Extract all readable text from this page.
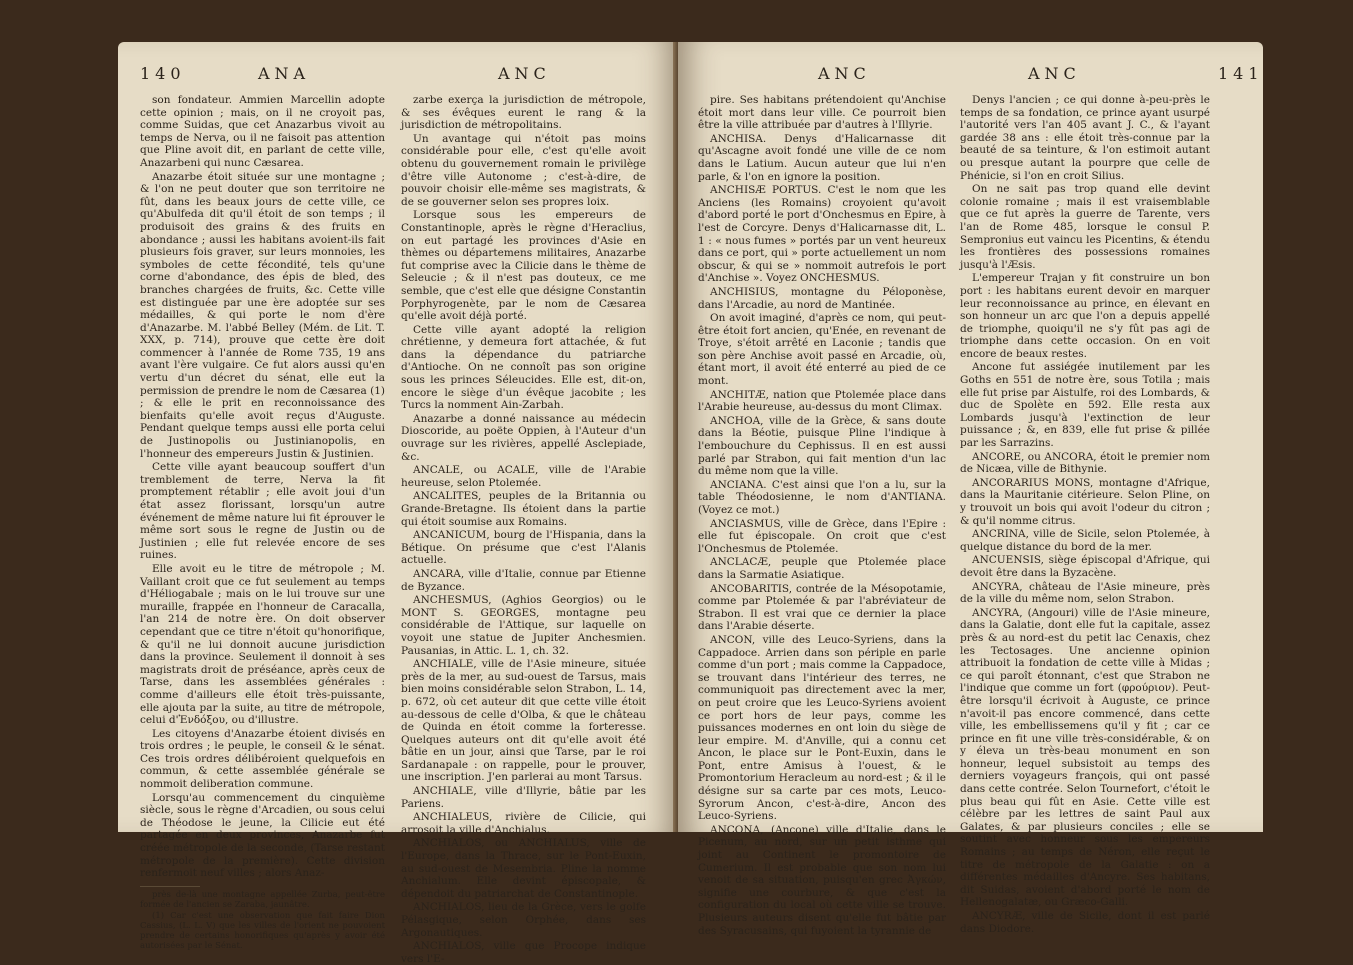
140	ANA	ANC

son fondateur. Ammien Marcellin adopte cette opinion ; mais, on il ne croyoit pas, comme Suidas, que cet Anazarbus vivoit au temps de Nerva, ou il ne faisoit pas attention que Pline avoit dit, en parlant de cette ville, Anazarbeni qui nunc Cæsarea.

Anazarbe étoit située sur une montagne ; & l'on ne peut douter que son territoire ne fût, dans les beaux jours de cette ville, ce qu'Abulfeda dit qu'il étoit de son temps ; il produisoit des grains & des fruits en abondance ; aussi les habitans avoient-ils fait plusieurs fois graver, sur leurs monnoies, les symboles de cette fécondité, tels qu'une corne d'abondance, des épis de bled, des branches chargées de fruits, &c. Cette ville est distinguée par une ère adoptée sur ses médailles, & qui porte le nom d'ère d'Anazarbe. M. l'abbé Belley (Mém. de Lit. T. XXX, p. 714), prouve que cette ère doit commencer à l'année de Rome 735, 19 ans avant l'ère vulgaire. Ce fut alors aussi qu'en vertu d'un décret du sénat, elle eut la permission de prendre le nom de Cæsarea (1) ; & elle le prit en reconnoissance des bienfaits qu'elle avoit reçus d'Auguste. Pendant quelque temps aussi elle porta celui de Justinopolis ou Justinianopolis, en l'honneur des empereurs Justin & Justinien.

Cette ville ayant beaucoup souffert d'un tremblement de terre, Nerva la fit promptement rétablir ; elle avoit joui d'un état assez florissant, lorsqu'un autre événement de même nature lui fit éprouver le même sort sous le regne de Justin ou de Justinien ; elle fut relevée encore de ses ruines.

Elle avoit eu le titre de métropole ; M. Vaillant croit que ce fut seulement au temps d'Héliogabale ; mais on le lui trouve sur une muraille, frappée en l'honneur de Caracalla, l'an 214 de notre ère. On doit observer cependant que ce titre n'étoit qu'honorifique, & qu'il ne lui donnoit aucune jurisdiction dans la province. Seulement il donnoit à ses magistrats droit de préséance, après ceux de Tarse, dans les assemblées générales : comme d'ailleurs elle étoit très-puissante, elle ajouta par la suite, au titre de métropole, celui d'Ἐνδόξου, ou d'illustre.

Les citoyens d'Anazarbe étoient divisés en trois ordres ; le peuple, le conseil & le sénat. Ces trois ordres délibéroient quelquefois en commun, & cette assemblée générale se nommoit deliberation commune.

Lorsqu'au commencement du cinquième siècle, sous le règne d'Arcadien, ou sous celui de Théodose le jeune, la Cilicie eut été partagée en deux provinces, Anazarbe fut créée métropole de la seconde, (Tarse restant métropole de la première). Cette division renfermoit neuf villes ; alors Anaz-

près de-là une montagne appellée Zurba, peut-être formée de l'ancien se Zaraba, jaunâtre.

(1) Car c'est une observation que fait faire Dion Cassius, (L. L. V) que les villes de l'orient ne pouvoient prendre de certains honorifiques qu'après y avoir été autorisées par le Sénat.

zarbe exerça la jurisdiction de métropole, & ses évêques eurent le rang & la jurisdiction de métropolitains.

Un avantage qui n'étoit pas moins considérable pour elle, c'est qu'elle avoit obtenu du gouvernement romain le privilège d'être ville Autonome ; c'est-à-dire, de pouvoir choisir elle-même ses magistrats, & de se gouverner selon ses propres loix.

Lorsque sous les empereurs de Constantinople, après le règne d'Heraclius, on eut partagé les provinces d'Asie en thèmes ou départemens militaires, Anazarbe fut comprise avec la Cilicie dans le thème de Seleucie ; & il n'est pas douteux, ce me semble, que c'est elle que désigne Constantin Porphyrogenète, par le nom de Cæsarea qu'elle avoit déjà porté.

Cette ville ayant adopté la religion chrétienne, y demeura fort attachée, & fut dans la dépendance du patriarche d'Antioche. On ne connoît pas son origine sous les princes Séleucides. Elle est, dit-on, encore le siège d'un évêque jacobite ; les Turcs la nomment Ain-Zarbah.

Anazarbe a donné naissance au médecin Dioscoride, au poëte Oppien, à l'Auteur d'un ouvrage sur les rivières, appellé Asclepiade, &c.

ANCALE, ou ACALE, ville de l'Arabie heureuse, selon Ptolemée.

ANCALITES, peuples de la Britannia ou Grande-Bretagne. Ils étoient dans la partie qui étoit soumise aux Romains.

ANCANICUM, bourg de l'Hispania, dans la Bétique. On présume que c'est l'Alanis actuelle.

ANCARA, ville d'Italie, connue par Etienne de Byzance.

ANCHESMUS, (Aghios Georgios) ou le MONT S. GEORGES, montagne peu considérable de l'Attique, sur laquelle on voyoit une statue de Jupiter Anchesmien. Pausanias, in Attic. L. 1, ch. 32.

ANCHIALE, ville de l'Asie mineure, située près de la mer, au sud-ouest de Tarsus, mais bien moins considérable selon Strabon, L. 14, p. 672, où cet auteur dit que cette ville étoit au-dessous de celle d'Olba, & que le château de Quinda en étoit comme la forteresse. Quelques auteurs ont dit qu'elle avoit été bâtie en un jour, ainsi que Tarse, par le roi Sardanapale : on rappelle, pour le prouver, une inscription. J'en parlerai au mont Tarsus.

ANCHIALE, ville d'Illyrie, bâtie par les Pariens.

ANCHIALEUS, rivière de Cilicie, qui arrosoit la ville d'Anchialus.

ANCHIALOS, ou ANCHIALUS, ville de l'Europe, dans la Thrace, sur le Pont-Euxin, au sud-ouest de Mesembria. Pline la nomme Anchialum. Elle devint épiscopale, & dépendoit du patriarchat de Constantinople.

ANCHIALOS, lieu de la Grèce, vers le golfe Pélasgique, selon Orphée, dans ses Argonautiques.

ANCHIALOS, ville que Procope indique vers l'E-

ANC	ANC	141

pire. Ses habitans prétendoient qu'Anchise étoit mort dans leur ville. Ce pourroit bien être la ville attribuée par d'autres à l'Illyrie.

ANCHISA. Denys d'Halicarnasse dit qu'Ascagne avoit fondé une ville de ce nom dans le Latium. Aucun auteur que lui n'en parle, & l'on en ignore la position.

ANCHISÆ PORTUS. C'est le nom que les Anciens (les Romains) croyoient qu'avoit d'abord porté le port d'Onchesmus en Epire, à l'est de Corcyre. Denys d'Halicarnasse dit, L. 1 : « nous fumes » portés par un vent heureux dans ce port, qui » porte actuellement un nom obscur, & qui se » nommoit autrefois le port d'Anchise ». Voyez ONCHESMUS.

ANCHISIUS, montagne du Péloponèse, dans l'Arcadie, au nord de Mantinée.

On avoit imaginé, d'après ce nom, qui peut-être étoit fort ancien, qu'Enée, en revenant de Troye, s'étoit arrêté en Laconie ; tandis que son père Anchise avoit passé en Arcadie, où, étant mort, il avoit été enterré au pied de ce mont.

ANCHITÆ, nation que Ptolemée place dans l'Arabie heureuse, au-dessus du mont Climax.

ANCHOA, ville de la Grèce, & sans doute dans la Béotie, puisque Pline l'indique à l'embouchure du Cephissus. Il en est aussi parlé par Strabon, qui fait mention d'un lac du même nom que la ville.

ANCIANA. C'est ainsi que l'on a lu, sur la table Théodosienne, le nom d'ANTIANA. (Voyez ce mot.)

ANCIASMUS, ville de Grèce, dans l'Epire : elle fut épiscopale. On croit que c'est l'Onchesmus de Ptolemée.

ANCLACÆ, peuple que Ptolemée place dans la Sarmatie Asiatique.

ANCOBARITIS, contrée de la Mésopotamie, comme par Ptolemée & par l'abréviateur de Strabon. Il est vrai que ce dernier la place dans l'Arabie déserte.

ANCON, ville des Leuco-Syriens, dans la Cappadoce. Arrien dans son périple en parle comme d'un port ; mais comme la Cappadoce, se trouvant dans l'intérieur des terres, ne communiquoit pas directement avec la mer, on peut croire que les Leuco-Syriens avoient ce port hors de leur pays, comme les puissances modernes en ont loin du siège de leur empire. M. d'Anville, qui a connu cet Ancon, le place sur le Pont-Euxin, dans le Pont, entre Amisus à l'ouest, & le Promontorium Heracleum au nord-est ; & il le désigne sur sa carte par ces mots, Leuco-Syrorum Ancon, c'est-à-dire, Ancon des Leuco-Syriens.

ANCONA, (Ancone) ville d'Italie, dans le Picenum, au nord, sur un petit isthme qui joint au Continent le promontoire de Cumerium. Il est probable que son nom lui venoit de sa situation, puisqu'en grec Ἀγκών, signifie une courbure, & que c'est la configuration du local où cette ville se trouve. Plusieurs auteurs disent qu'elle fut bâtie par des Syracusains, qui fuyoient la tyrannie de

Denys l'ancien ; ce qui donne à-peu-près le temps de sa fondation, ce prince ayant usurpé l'autorité vers l'an 405 avant J. C., & l'ayant gardée 38 ans : elle étoit très-connue par la beauté de sa teinture, & l'on estimoit autant ou presque autant la pourpre que celle de Phénicie, si l'on en croit Silius.

On ne sait pas trop quand elle devint colonie romaine ; mais il est vraisemblable que ce fut après la guerre de Tarente, vers l'an de Rome 485, lorsque le consul P. Sempronius eut vaincu les Picentins, & étendu les frontières des possessions romaines jusqu'à l'Æsis.

L'empereur Trajan y fit construire un bon port : les habitans eurent devoir en marquer leur reconnoissance au prince, en élevant en son honneur un arc que l'on a depuis appellé de triomphe, quoiqu'il ne s'y fût pas agi de triomphe dans cette occasion. On en voit encore de beaux restes.

Ancone fut assiégée inutilement par les Goths en 551 de notre ère, sous Totila ; mais elle fut prise par Aistulfe, roi des Lombards, & duc de Spolète en 592. Elle resta aux Lombards jusqu'à l'extinction de leur puissance ; &, en 839, elle fut prise & pillée par les Sarrazins.

ANCORE, ou ANCORA, étoit le premier nom de Nicæa, ville de Bithynie.

ANCORARIUS MONS, montagne d'Afrique, dans la Mauritanie citérieure. Selon Pline, on y trouvoit un bois qui avoit l'odeur du citron ; & qu'il nomme citrus.

ANCRINA, ville de Sicile, selon Ptolemée, à quelque distance du bord de la mer.

ANCUENSIS, siège épiscopal d'Afrique, qui devoit être dans la Byzacène.

ANCYRA, château de l'Asie mineure, près de la ville du même nom, selon Strabon.

ANCYRA, (Angouri) ville de l'Asie mineure, dans la Galatie, dont elle fut la capitale, assez près & au nord-est du petit lac Cenaxis, chez les Tectosages. Une ancienne opinion attribuoit la fondation de cette ville à Midas ; ce qui paroît étonnant, c'est que Strabon ne l'indique que comme un fort (φρούριον). Peut-être lorsqu'il écrivoit à Auguste, ce prince n'avoit-il pas encore commencé, dans cette ville, les embellissemens qu'il y fit ; car ce prince en fit une ville très-considérable, & on y éleva un très-beau monument en son honneur, lequel subsistoit au temps des derniers voyageurs françois, qui ont passé dans cette contrée. Selon Tournefort, c'étoit le plus beau qui fût en Asie. Cette ville est célèbre par les lettres de saint Paul aux Galates, & par plusieurs conciles ; elle se soutint avec honneur sous les empereurs Romains ; au temps de Néron, elle reçut le titre de métropole de la Galatie : on a différentes médailles d'Ancyre. Ses habitans, dit Suidas, avoient d'abord porté le nom de Hellenogalatæ, ou Græco-Galli.

ANCYRÆ, ville de Sicile, dont il est parlé dans Diodore.
